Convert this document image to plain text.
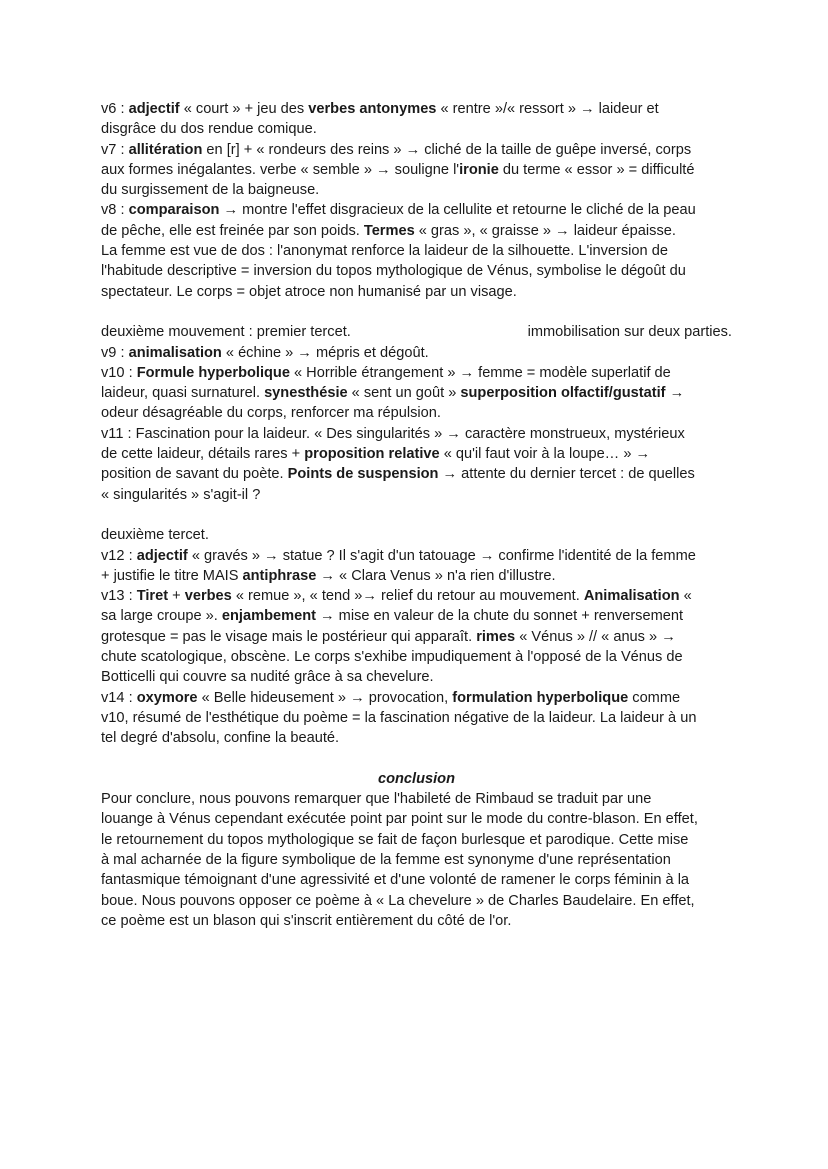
v6 : adjectif « court » + jeu des verbes antonymes « rentre »/« ressort » → laideur et
disgrâce du dos rendue comique.
v7 : allitération en [r] + « rondeurs des reins » → cliché de la taille de guêpe inversé, corps
aux formes inégalantes. verbe « semble » → souligne l'ironie du terme « essor » = difficulté
du surgissement de la baigneuse.
v8 : comparaison → montre l'effet disgracieux de la cellulite et retourne le cliché de la peau
de pêche, elle est freinée par son poids. Termes « gras », « graisse » → laideur épaisse.
La femme est vue de dos : l'anonymat renforce la laideur de la silhouette. L'inversion de
l'habitude descriptive = inversion du topos mythologique de Vénus, symbolise le dégoût du
spectateur. Le corps = objet atroce non humanisé par un visage.
deuxième mouvement : premier tercet.	immobilisation sur deux parties.
v9 : animalisation « échine » → mépris et dégoût.
v10 : Formule hyperbolique « Horrible étrangement » → femme = modèle superlatif de
laideur, quasi surnaturel. synesthésie « sent un goût » superposition olfactif/gustatif →
odeur désagréable du corps, renforcer ma répulsion.
v11 : Fascination pour la laideur. « Des singularités » → caractère monstrueux, mystérieux
de cette laideur, détails rares + proposition relative « qu'il faut voir à la loupe… » →
position de savant du poète. Points de suspension → attente du dernier tercet : de quelles
« singularités » s'agit-il ?
deuxième tercet.
v12 : adjectif « gravés » → statue ? Il s'agit d'un tatouage → confirme l'identité de la femme
+ justifie le titre MAIS antiphrase → « Clara Venus » n'a rien d'illustre.
v13 : Tiret + verbes « remue », « tend »→ relief du retour au mouvement. Animalisation «
sa large croupe ». enjambement → mise en valeur de la chute du sonnet + renversement
grotesque = pas le visage mais le postérieur qui apparaît. rimes « Vénus » // « anus » →
chute scatologique, obscène. Le corps s'exhibe impudiquement à l'opposé de la Vénus de
Botticelli qui couvre sa nudité grâce à sa chevelure.
v14 : oxymore « Belle hideusement » → provocation, formulation hyperbolique comme
v10, résumé de l'esthétique du poème = la fascination négative de la laideur. La laideur à un
tel degré d'absolu, confine la beauté.

conclusion

Pour conclure, nous pouvons remarquer que l'habileté de Rimbaud se traduit par une
louange à Vénus cependant exécutée point par point sur le mode du contre-blason. En effet,
le retournement du topos mythologique se fait de façon burlesque et parodique. Cette mise
à mal acharnée de la figure symbolique de la femme est synonyme d'une représentation
fantasmique témoignant d'une agressivité et d'une volonté de ramener le corps féminin à la
boue. Nous pouvons opposer ce poème à « La chevelure » de Charles Baudelaire. En effet,
ce poème est un blason qui s'inscrit entièrement du côté de l'or.
